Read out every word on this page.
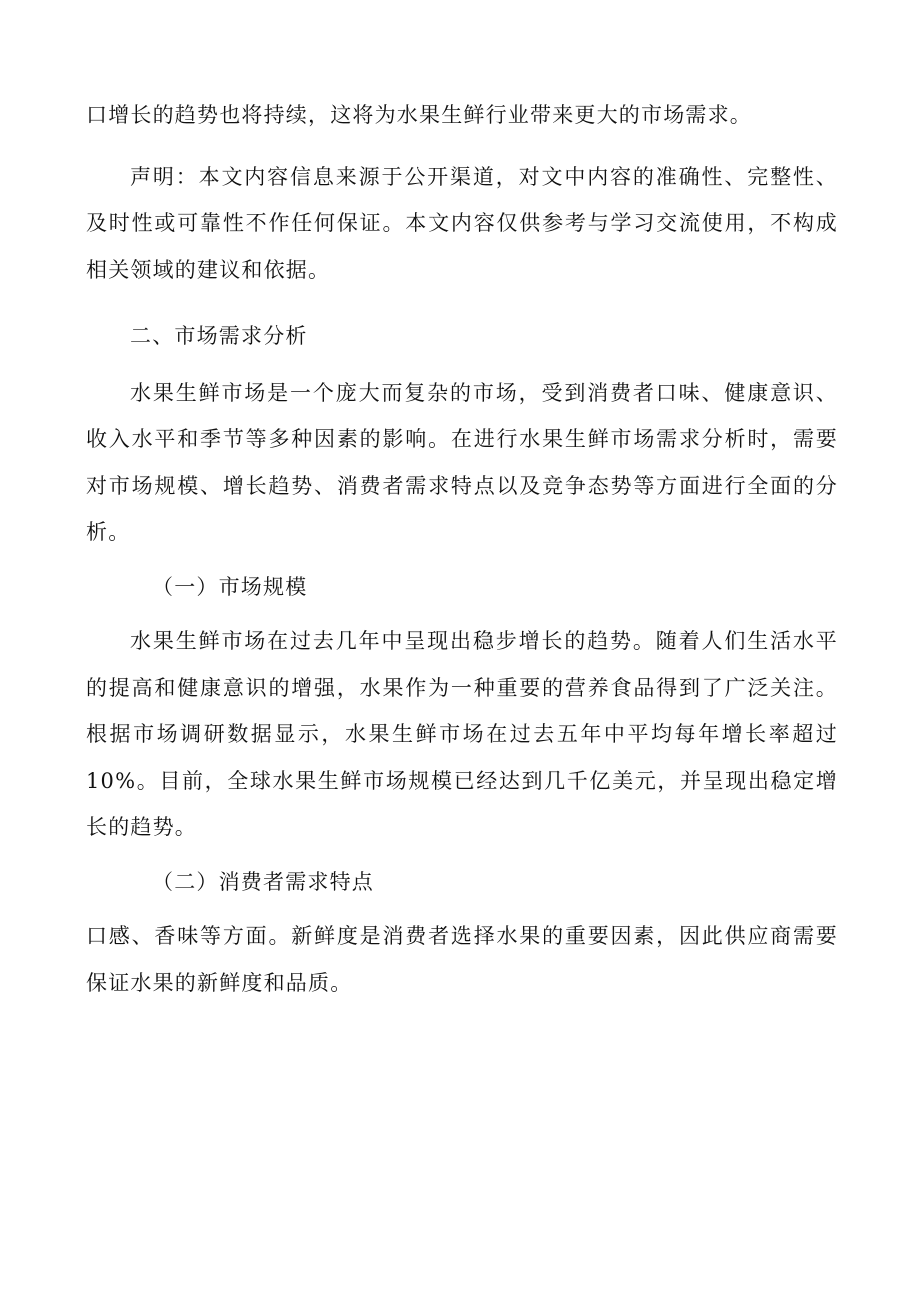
口增长的趋势也将持续，这将为水果生鲜行业带来更大的市场需求。

声明：本文内容信息来源于公开渠道，对文中内容的准确性、完整性、及时性或可靠性不作任何保证。本文内容仅供参考与学习交流使用，不构成相关领域的建议和依据。

二、市场需求分析

水果生鲜市场是一个庞大而复杂的市场，受到消费者口味、健康意识、收入水平和季节等多种因素的影响。在进行水果生鲜市场需求分析时，需要对市场规模、增长趋势、消费者需求特点以及竞争态势等方面进行全面的分析。

（一）市场规模

水果生鲜市场在过去几年中呈现出稳步增长的趋势。随着人们生活水平的提高和健康意识的增强，水果作为一种重要的营养食品得到了广泛关注。根据市场调研数据显示，水果生鲜市场在过去五年中平均每年增长率超过10%。目前，全球水果生鲜市场规模已经达到几千亿美元，并呈现出稳定增长的趋势。

（二）消费者需求特点

口感、香味等方面。新鲜度是消费者选择水果的重要因素，因此供应商需要保证水果的新鲜度和品质。
